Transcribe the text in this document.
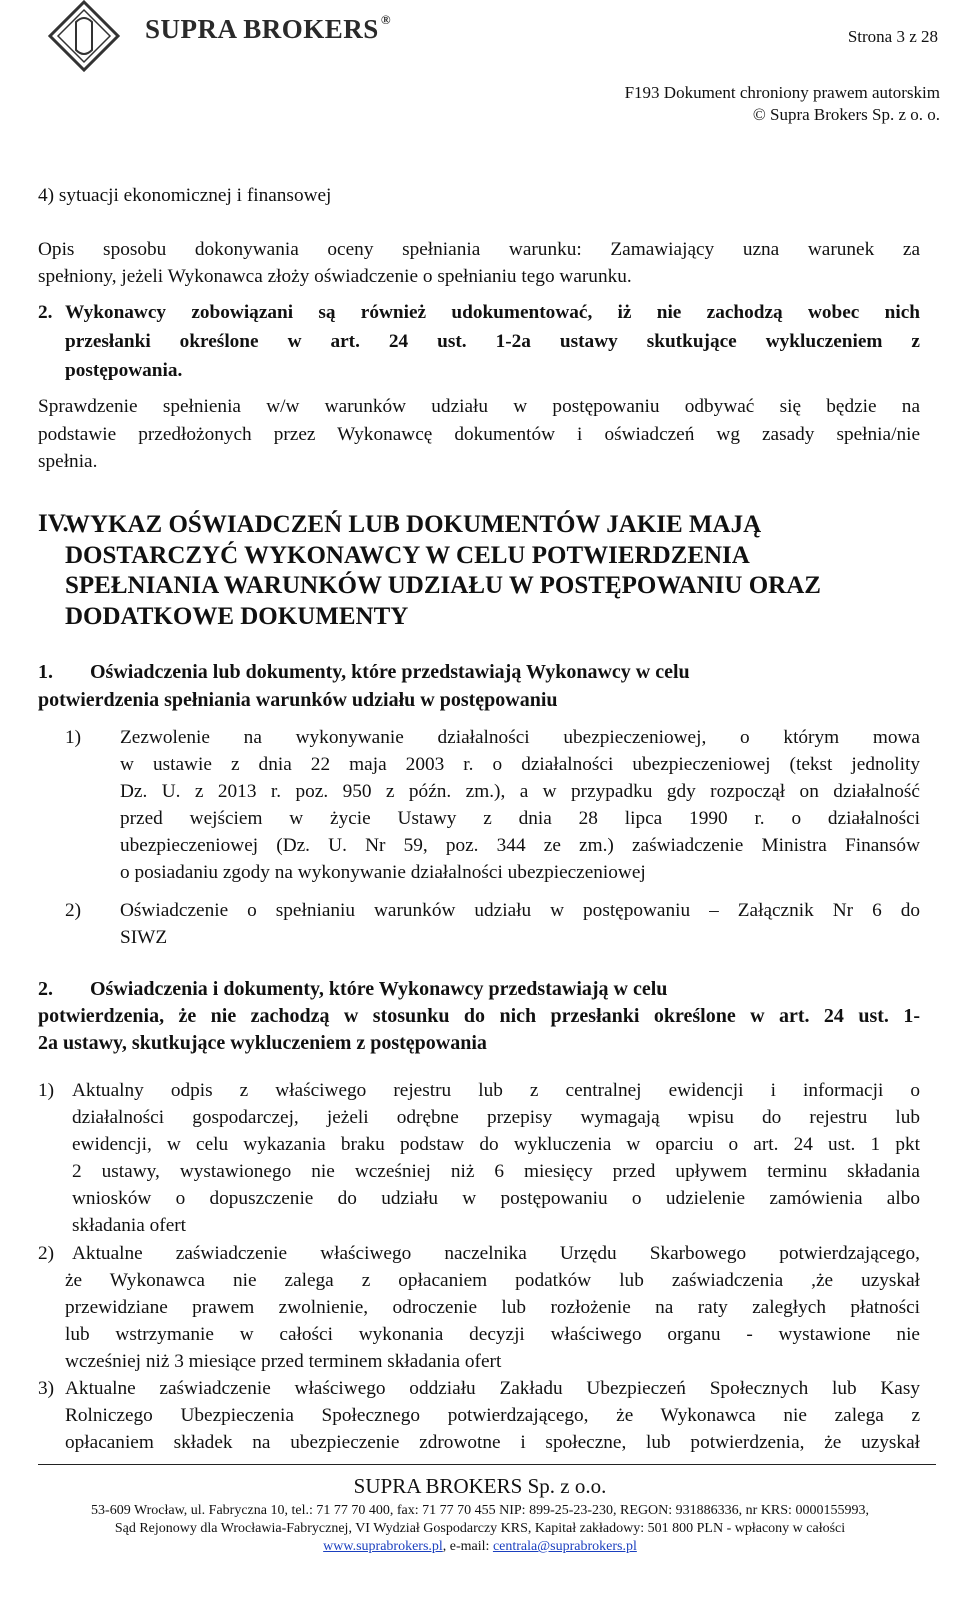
SUPRA BROKERS ®
Strona 3 z 28
F193 Dokument chroniony prawem autorskim
© Supra Brokers Sp. z o. o.
4) sytuacji ekonomicznej i finansowej
Opis sposobu dokonywania oceny spełniania warunku: Zamawiający uzna warunek za
spełniony, jeżeli Wykonawca złoży oświadczenie o spełnianiu tego warunku.
2. Wykonawcy zobowiązani są również udokumentować, iż nie zachodzą wobec nich
przesłanki określone w art. 24 ust. 1-2a ustawy skutkujące wykluczeniem z
postępowania.
Sprawdzenie spełnienia w/w warunków udziału w postępowaniu odbywać się będzie na
podstawie przedłożonych przez Wykonawcę dokumentów i oświadczeń wg zasady spełnia/nie
spełnia.
IV.
WYKAZ OŚWIADCZEŃ LUB DOKUMENTÓW JAKIE MAJĄ
DOSTARCZYĆ WYKONAWCY W CELU POTWIERDZENIA
SPEŁNIANIA WARUNKÓW UDZIAŁU W POSTĘPOWANIU ORAZ
DODATKOWE DOKUMENTY
1. Oświadczenia lub dokumenty, które przedstawiają Wykonawcy w celu
potwierdzenia spełniania warunków udziału w postępowaniu
1) Zezwolenie na wykonywanie działalności ubezpieczeniowej, o którym mowa
w ustawie z dnia 22 maja 2003 r. o działalności ubezpieczeniowej (tekst jednolity
Dz. U. z 2013 r. poz. 950 z późn. zm.), a w przypadku gdy rozpoczął on działalność
przed wejściem w życie Ustawy z dnia 28 lipca 1990 r. o działalności
ubezpieczeniowej (Dz. U. Nr 59, poz. 344 ze zm.) zaświadczenie Ministra Finansów
o posiadaniu zgody na wykonywanie działalności ubezpieczeniowej
2) Oświadczenie o spełnianiu warunków udziału w postępowaniu – Załącznik Nr 6 do
SIWZ
2. Oświadczenia i dokumenty, które Wykonawcy przedstawiają w celu
potwierdzenia, że nie zachodzą w stosunku do nich przesłanki określone w art. 24 ust. 1-
2a ustawy, skutkujące wykluczeniem z postępowania
1) Aktualny odpis z właściwego rejestru lub z centralnej ewidencji i informacji o
działalności gospodarczej, jeżeli odrębne przepisy wymagają wpisu do rejestru lub
ewidencji, w celu wykazania braku podstaw do wykluczenia w oparciu o art. 24 ust. 1 pkt
2 ustawy, wystawionego nie wcześniej niż 6 miesięcy przed upływem terminu składania
wniosków o dopuszczenie do udziału w postępowaniu o udzielenie zamówienia albo
składania ofert
2) Aktualne zaświadczenie właściwego naczelnika Urzędu Skarbowego potwierdzającego,
że Wykonawca nie zalega z opłacaniem podatków lub zaświadczenia ,że uzyskał
przewidziane prawem zwolnienie, odroczenie lub rozłożenie na raty zaległych płatności
lub wstrzymanie w całości wykonania decyzji właściwego organu - wystawione nie
wcześniej niż 3 miesiące przed terminem składania ofert
3) Aktualne zaświadczenie właściwego oddziału Zakładu Ubezpieczeń Społecznych lub Kasy
Rolniczego Ubezpieczenia Społecznego potwierdzającego, że Wykonawca nie zalega z
opłacaniem składek na ubezpieczenie zdrowotne i społeczne, lub potwierdzenia, że uzyskał
SUPRA BROKERS Sp. z o.o.
53-609 Wrocław, ul. Fabryczna 10, tel.: 71 77 70 400, fax: 71 77 70 455 NIP: 899-25-23-230, REGON: 931886336, nr KRS: 0000155993,
Sąd Rejonowy dla Wrocławia-Fabrycznej, VI Wydział Gospodarczy KRS, Kapitał zakładowy: 501 800 PLN - wpłacony w całości
www.suprabrokers.pl, e-mail: centrala@suprabrokers.pl
